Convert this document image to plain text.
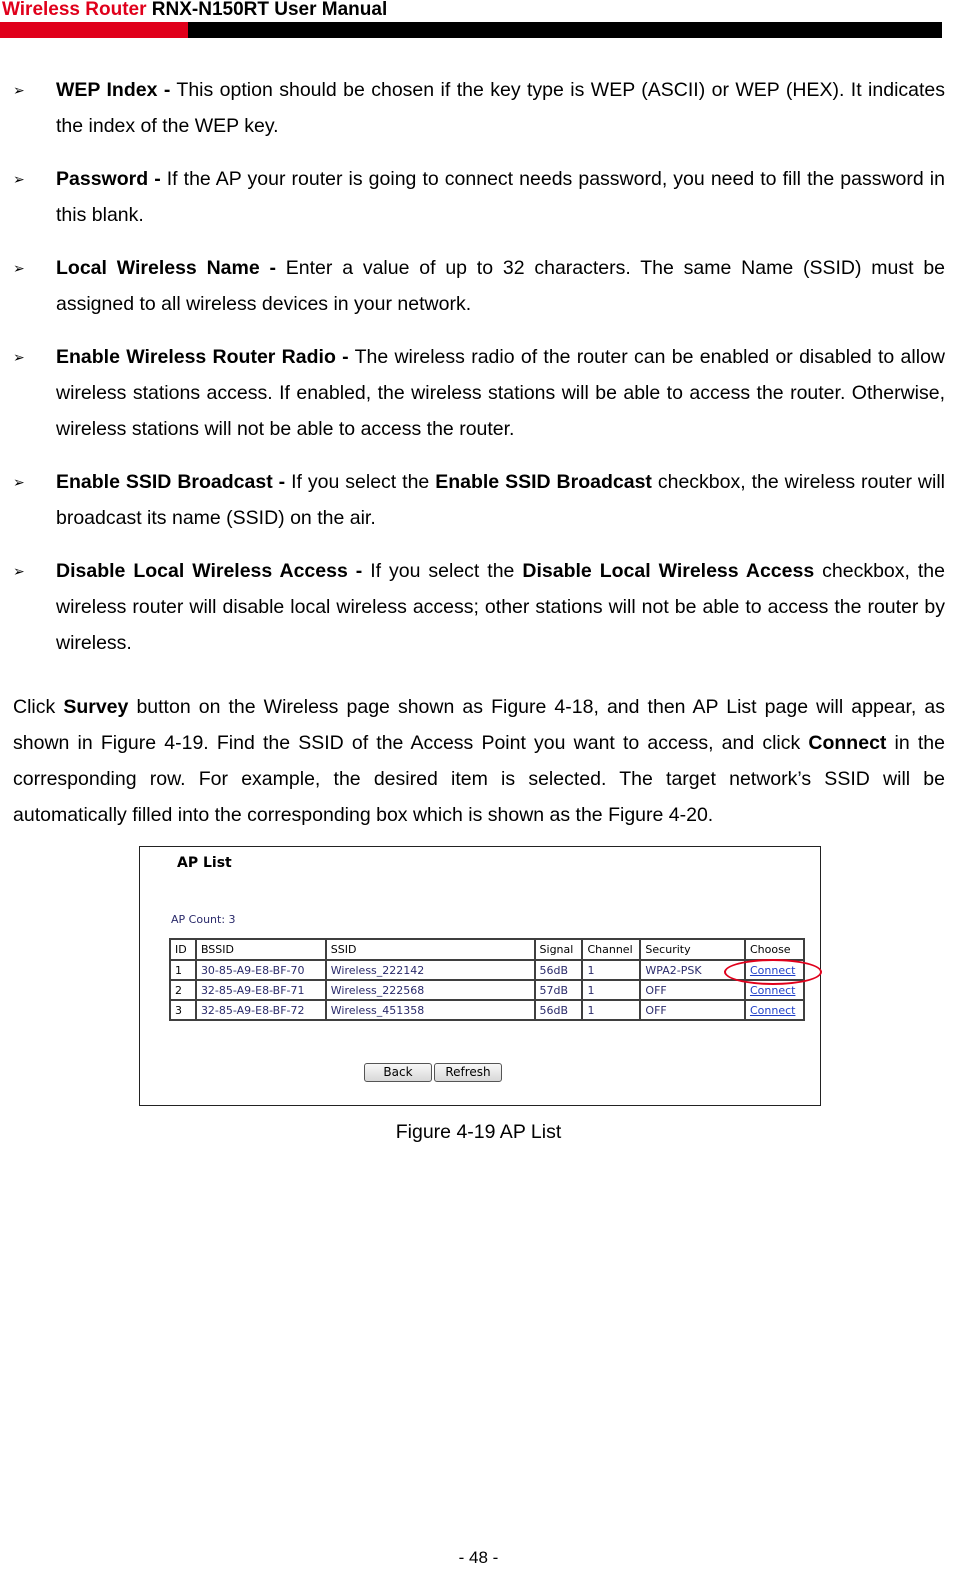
Wireless Router RNX-N150RT User Manual
➢ WEP Index - This option should be chosen if the key type is WEP (ASCII) or WEP (HEX). It indicates the index of the WEP key.
➢ Password - If the AP your router is going to connect needs password, you need to fill the password in this blank.
➢ Local Wireless Name - Enter a value of up to 32 characters. The same Name (SSID) must be assigned to all wireless devices in your network.
➢ Enable Wireless Router Radio - The wireless radio of the router can be enabled or disabled to allow wireless stations access. If enabled, the wireless stations will be able to access the router. Otherwise, wireless stations will not be able to access the router.
➢ Enable SSID Broadcast - If you select the Enable SSID Broadcast checkbox, the wireless router will broadcast its name (SSID) on the air.
➢ Disable Local Wireless Access - If you select the Disable Local Wireless Access checkbox, the wireless router will disable local wireless access; other stations will not be able to access the router by wireless.
Click Survey button on the Wireless page shown as Figure 4-18, and then AP List page will appear, as shown in Figure 4-19. Find the SSID of the Access Point you want to access, and click Connect in the corresponding row. For example, the desired item is selected. The target network’s SSID will be automatically filled into the corresponding box which is shown as the Figure 4-20.
AP List
AP Count: 3
ID	BSSID	SSID	Signal	Channel	Security	Choose
1	30-85-A9-E8-BF-70	Wireless_222142	56dB	1	WPA2-PSK	Connect
2	32-85-A9-E8-BF-71	Wireless_222568	57dB	1	OFF	Connect
3	32-85-A9-E8-BF-72	Wireless_451358	56dB	1	OFF	Connect
Back	Refresh
Figure 4-19 AP List
- 48 -
